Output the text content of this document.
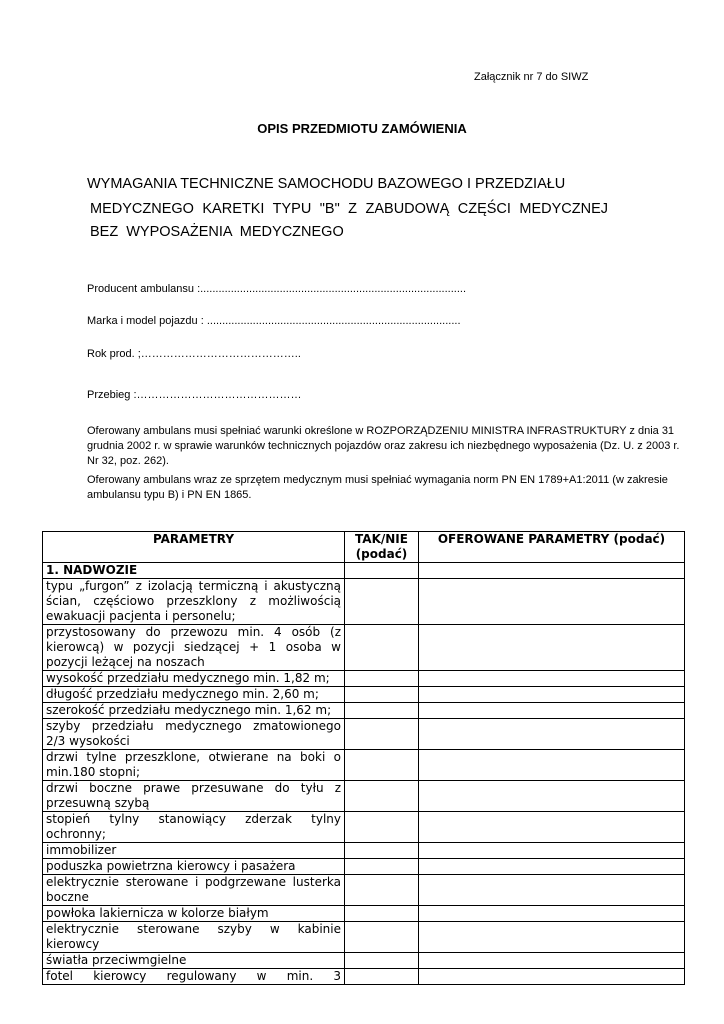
Załącznik nr 7 do SIWZ
OPIS PRZEDMIOTU ZAMÓWIENIA
WYMAGANIA TECHNICZNE SAMOCHODU BAZOWEGO I PRZEDZIAŁU
MEDYCZNEGO KARETKI TYPU "B" Z ZABUDOWĄ CZĘŚCI MEDYCZNEJ
BEZ WYPOSAŻENIA MEDYCZNEGO
Producent ambulansu :.......................................................................................
Marka i model pojazdu : ...................................................................................
Rok prod. ;……………………………………..
Przebieg :………………………………………
Oferowany ambulans musi spełniać warunki określone w ROZPORZĄDZENIU MINISTRA INFRASTRUKTURY z dnia 31 grudnia 2002 r. w sprawie warunków technicznych pojazdów oraz zakresu ich niezbędnego wyposażenia (Dz. U. z 2003 r. Nr 32, poz. 262).
Oferowany ambulans wraz ze sprzętem medycznym musi spełniać wymagania norm PN EN 1789+A1:2011 (w zakresie ambulansu typu B) i PN EN 1865.
PARAMETRY	TAK/NIE (podać)	OFEROWANE PARAMETRY (podać)
1. NADWOZIE		
typu „furgon” z izolacją termiczną i akustyczną ścian, częściowo przeszklony z możliwością ewakuacji pacjenta i personelu;		
przystosowany do przewozu min. 4 osób (z kierowcą) w pozycji siedzącej + 1 osoba w pozycji leżącej na noszach		
wysokość przedziału medycznego min. 1,82 m;		
długość przedziału medycznego min. 2,60 m;		
szerokość przedziału medycznego min. 1,62 m;		
szyby przedziału medycznego zmatowionego 2/3 wysokości		
drzwi tylne przeszklone, otwierane na boki o min.180 stopni;		
drzwi boczne prawe przesuwane do tyłu z przesuwną szybą		
stopień tylny stanowiący zderzak tylny ochronny;		
immobilizer		
poduszka powietrzna kierowcy i pasażera		
elektrycznie sterowane i podgrzewane lusterka boczne		
powłoka lakiernicza w kolorze białym		
elektrycznie sterowane szyby w kabinie kierowcy		
światła przeciwmgielne		
fotel kierowcy regulowany w min. 3		
